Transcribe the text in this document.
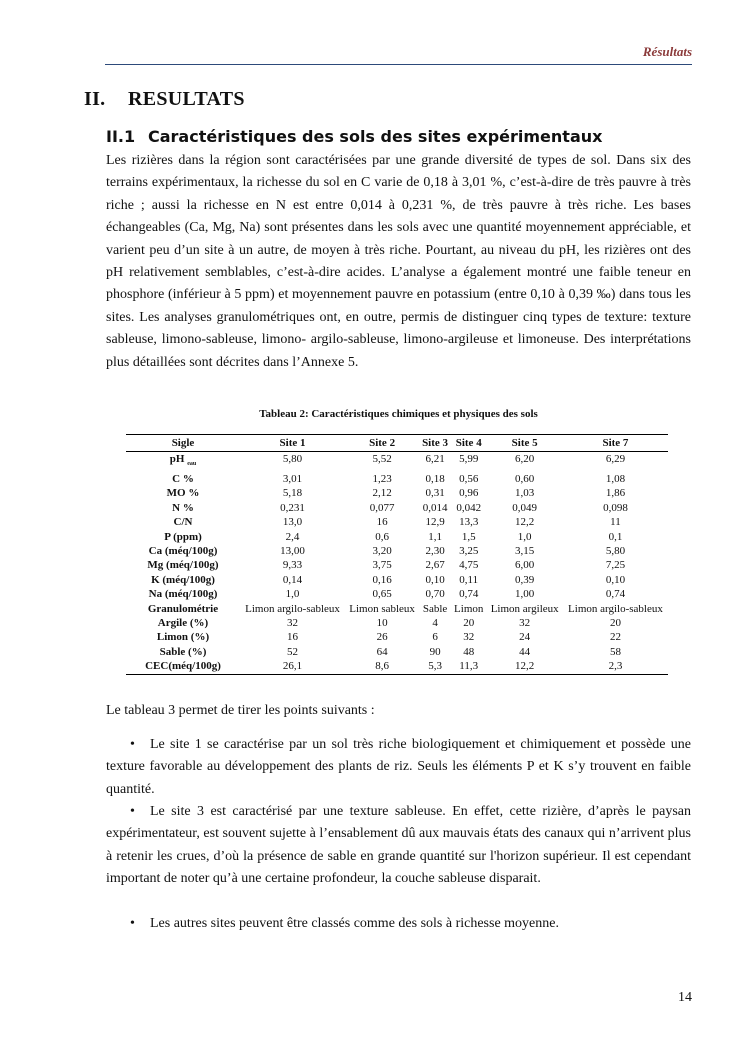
Résultats
II. RESULTATS
II.1 Caractéristiques des sols des sites expérimentaux
Les rizières dans la région sont caractérisées par une grande diversité de types de sol. Dans six des terrains expérimentaux, la richesse du sol en C varie de 0,18 à 3,01 %, c’est-à-dire de très pauvre à très riche ; aussi la richesse en N est entre 0,014 à 0,231 %, de très pauvre à très riche. Les bases échangeables (Ca, Mg, Na) sont présentes dans les sols avec une quantité moyennement appréciable, et varient peu d’un site à un autre, de moyen à très riche. Pourtant, au niveau du pH, les rizières ont des pH relativement semblables, c’est-à-dire acides. L’analyse a également montré une faible teneur en phosphore (inférieur à 5 ppm) et moyennement pauvre en potassium (entre 0,10 à 0,39 ‰) dans tous les sites. Les analyses granulométriques ont, en outre, permis de distinguer cinq types de texture: texture sableuse, limono-sableuse, limono- argilo-sableuse, limono-argileuse et limoneuse. Des interprétations plus détaillées sont décrites dans l’Annexe 5.
Tableau 2: Caractéristiques chimiques et physiques des sols
Sigle	Site 1	Site 2	Site 3	Site 4	Site 5	Site 7
pH $_{eau}$	5,80	5,52	6,21	5,99	6,20	6,29
C %	3,01	1,23	0,18	0,56	0,60	1,08
MO %	5,18	2,12	0,31	0,96	1,03	1,86
N %	0,231	0,077	0,014	0,042	0,049	0,098
C/N	13,0	16	12,9	13,3	12,2	11
P (ppm)	2,4	0,6	1,1	1,5	1,0	0,1
Ca (méq/100g)	13,00	3,20	2,30	3,25	3,15	5,80
Mg (méq/100g)	9,33	3,75	2,67	4,75	6,00	7,25
K (méq/100g)	0,14	0,16	0,10	0,11	0,39	0,10
Na (méq/100g)	1,0	0,65	0,70	0,74	1,00	0,74
Granulométrie	Limon argilo-sableux	Limon sableux	Sable	Limon	Limon argileux	Limon argilo-sableux
Argile (%)	32	10	4	20	32	20
Limon (%)	16	26	6	32	24	22
Sable (%)	52	64	90	48	44	58
CEC(méq/100g)	26,1	8,6	5,3	11,3	12,2	2,3
Le tableau 3 permet de tirer les points suivants :
• Le site 1 se caractérise par un sol très riche biologiquement et chimiquement et possède une texture favorable au développement des plants de riz. Seuls les éléments P et K s’y trouvent en faible quantité.
• Le site 3 est caractérisé par une texture sableuse. En effet, cette rizière, d’après le paysan expérimentateur, est souvent sujette à l’ensablement dû aux mauvais états des canaux qui n’arrivent plus à retenir les crues, d’où la présence de sable en grande quantité sur l'horizon supérieur. Il est cependant important de noter qu’à une certaine profondeur, la couche sableuse disparait.
• Les autres sites peuvent être classés comme des sols à richesse moyenne.
14
